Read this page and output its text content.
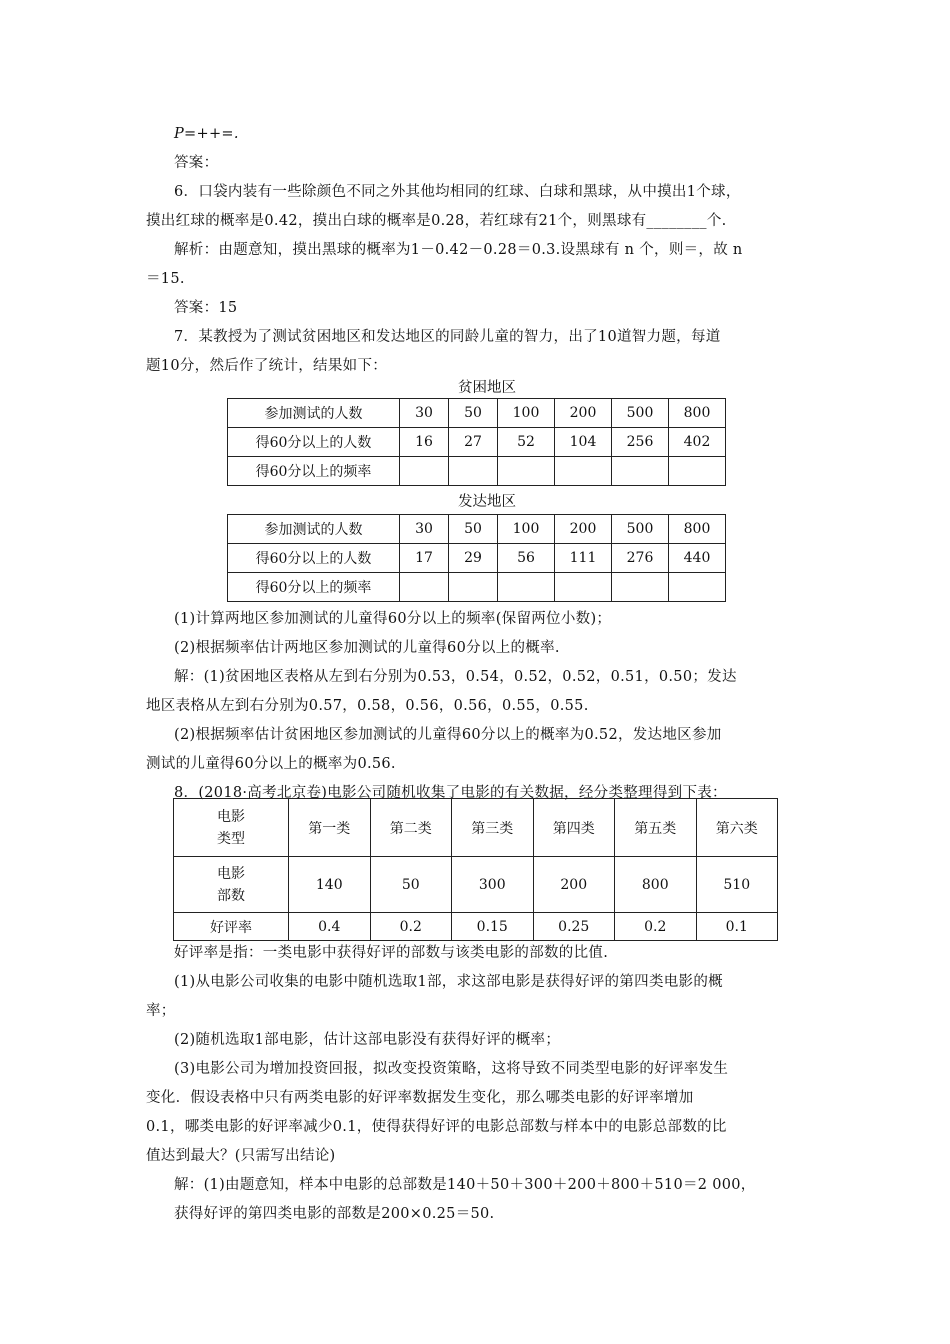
P=++=.
答案：
6．口袋内装有一些除颜色不同之外其他均相同的红球、白球和黑球，从中摸出1个球，
摸出红球的概率是0.42，摸出白球的概率是0.28，若红球有21个，则黑球有________个.
解析：由题意知，摸出黑球的概率为1－0.42－0.28＝0.3.设黑球有 n 个，则＝，故 n
＝15.
答案：15
7．某教授为了测试贫困地区和发达地区的同龄儿童的智力，出了10道智力题，每道
题10分，然后作了统计，结果如下：
贫困地区
参加测试的人数	30	50	100	200	500	800
得60分以上的人数	16	27	52	104	256	402
得60分以上的频率						
发达地区
参加测试的人数	30	50	100	200	500	800
得60分以上的人数	17	29	56	111	276	440
得60分以上的频率						
(1)计算两地区参加测试的儿童得60分以上的频率(保留两位小数)；
(2)根据频率估计两地区参加测试的儿童得60分以上的概率.
解：(1)贫困地区表格从左到右分别为0.53，0.54，0.52，0.52，0.51，0.50；发达
地区表格从左到右分别为0.57，0.58，0.56，0.56，0.55，0.55.
(2)根据频率估计贫困地区参加测试的儿童得60分以上的概率为0.52，发达地区参加
测试的儿童得60分以上的概率为0.56.
8．(2018·高考北京卷)电影公司随机收集了电影的有关数据，经分类整理得到下表：
电影
类型	第一类	第二类	第三类	第四类	第五类	第六类
电影
部数	140	50	300	200	800	510
好评率	0.4	0.2	0.15	0.25	0.2	0.1
好评率是指：一类电影中获得好评的部数与该类电影的部数的比值.
(1)从电影公司收集的电影中随机选取1部，求这部电影是获得好评的第四类电影的概
率；
(2)随机选取1部电影，估计这部电影没有获得好评的概率；
(3)电影公司为增加投资回报，拟改变投资策略，这将导致不同类型电影的好评率发生
变化．假设表格中只有两类电影的好评率数据发生变化，那么哪类电影的好评率增加
0.1，哪类电影的好评率减少0.1，使得获得好评的电影总部数与样本中的电影总部数的比
值达到最大？(只需写出结论)
解：(1)由题意知，样本中电影的总部数是140＋50＋300＋200＋800＋510＝2 000，
获得好评的第四类电影的部数是200×0.25＝50.
